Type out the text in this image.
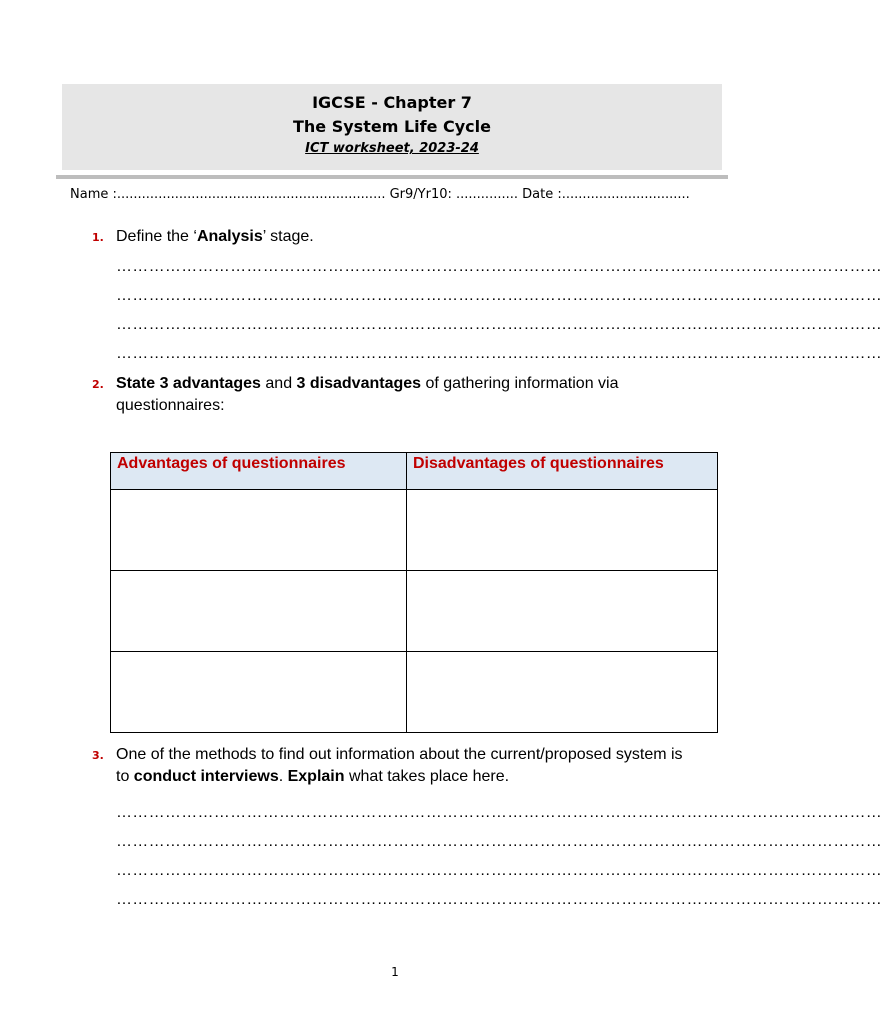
IGCSE - Chapter 7
The System Life Cycle
ICT worksheet, 2023-24
Name :................................................................. Gr9/Yr10: ............... Date :...............................
1. Define the ‘Analysis’ stage.
……………………………………………………………………………………………………………………………
……………………………………………………………………………………………………………………………
……………………………………………………………………………………………………………………………
……………………………………………………………………………………………………………………………
2. State 3 advantages and 3 disadvantages of gathering information via questionnaires:
Advantages of questionnaires	Disadvantages of questionnaires

3. One of the methods to find out information about the current/proposed system is to conduct interviews. Explain what takes place here.
……………………………………………………………………………………………………………………………
……………………………………………………………………………………………………………………………
……………………………………………………………………………………………………………………………
……………………………………………………………………………………………………………………………
1
